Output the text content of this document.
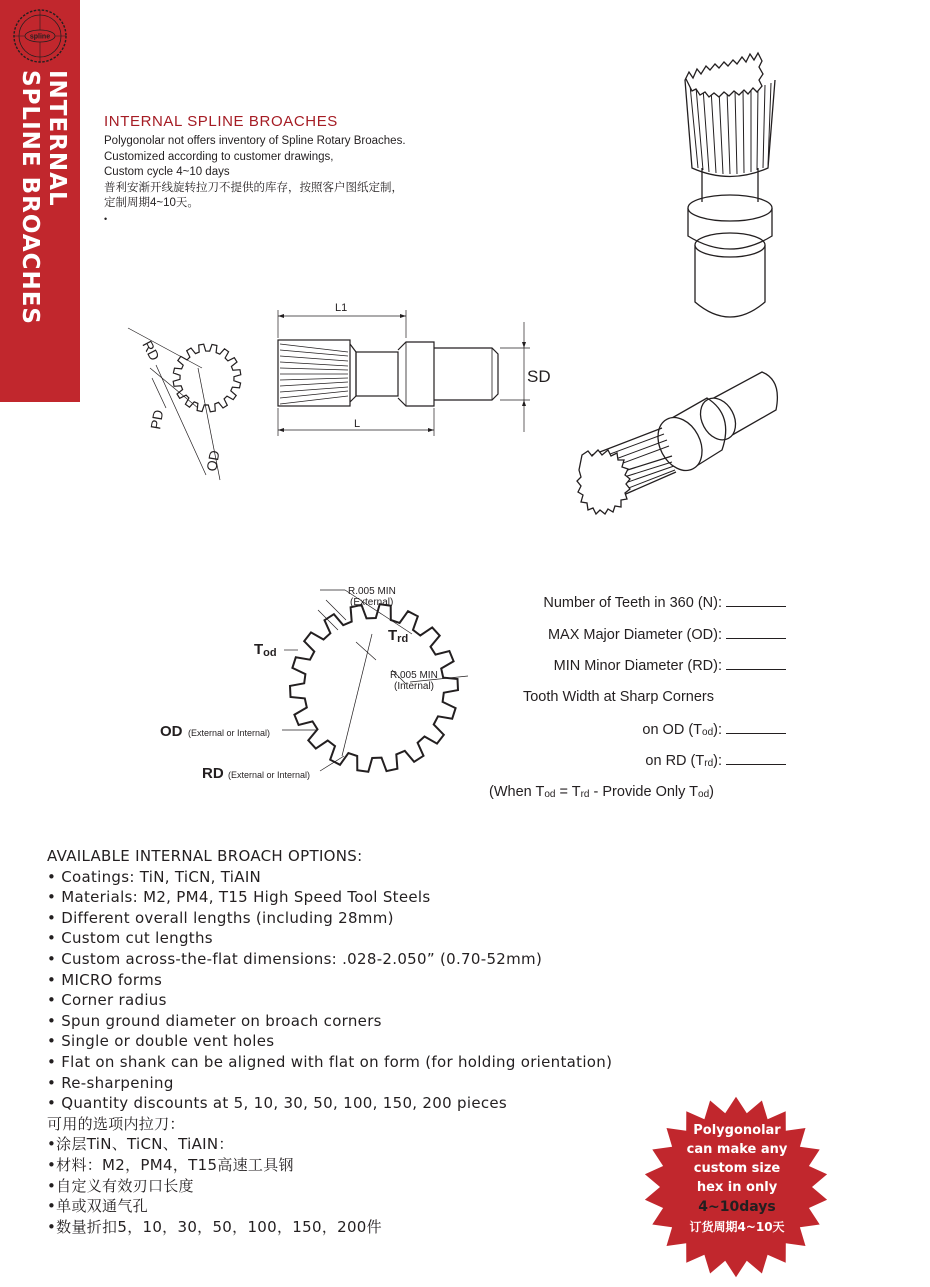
spline
INTERNAL
SPLINE BROACHES	INTERNAL SPLINE BROACHES
Polygonolar not offers inventory of Spline Rotary Broaches.
Customized according to customer drawings,
Custom cycle 4~10 days
普利安渐开线旋转拉刀不提供的库存，按照客户图纸定制，
定制周期4~10天。
•
RD
PD
OD
L1
L
SD
R.005 MIN
(External)
Trd
Tod
R.005 MIN
(Internal)
OD (External or Internal)
RD (External or Internal)
Number of Teeth in 360 (N):
MAX Major Diameter (OD):
MIN Minor Diameter (RD):
Tooth Width at Sharp Corners
on OD $(T_{od})$:
on RD $(T_{rd})$:
(When $T_{od} = T_{rd}$ - Provide Only $T_{od}$)
AVAILABLE INTERNAL BROACH OPTIONS:
• Coatings: TiN, TiCN, TiAIN
• Materials: M2, PM4, T15 High Speed Tool Steels
• Different overall lengths (including 28mm)
• Custom cut lengths
• Custom across-the-flat dimensions: .028-2.050” (0.70-52mm)
• MICRO forms
• Corner radius
• Spun ground diameter on broach corners
• Single or double vent holes
• Flat on shank can be aligned with flat on form (for holding orientation)
• Re-sharpening
• Quantity discounts at 5, 10, 30, 50, 100, 150, 200 pieces
可用的选项内拉刀：
•涂层TiN、TiCN、TiAIN：
•材料：M2，PM4，T15高速工具钢
•自定义有效刃口长度
•单或双通气孔
•数量折扣5，10，30，50，100，150，200件
Polygonolar
can make any
custom size
hex in only
4~10days
订货周期4~10天
